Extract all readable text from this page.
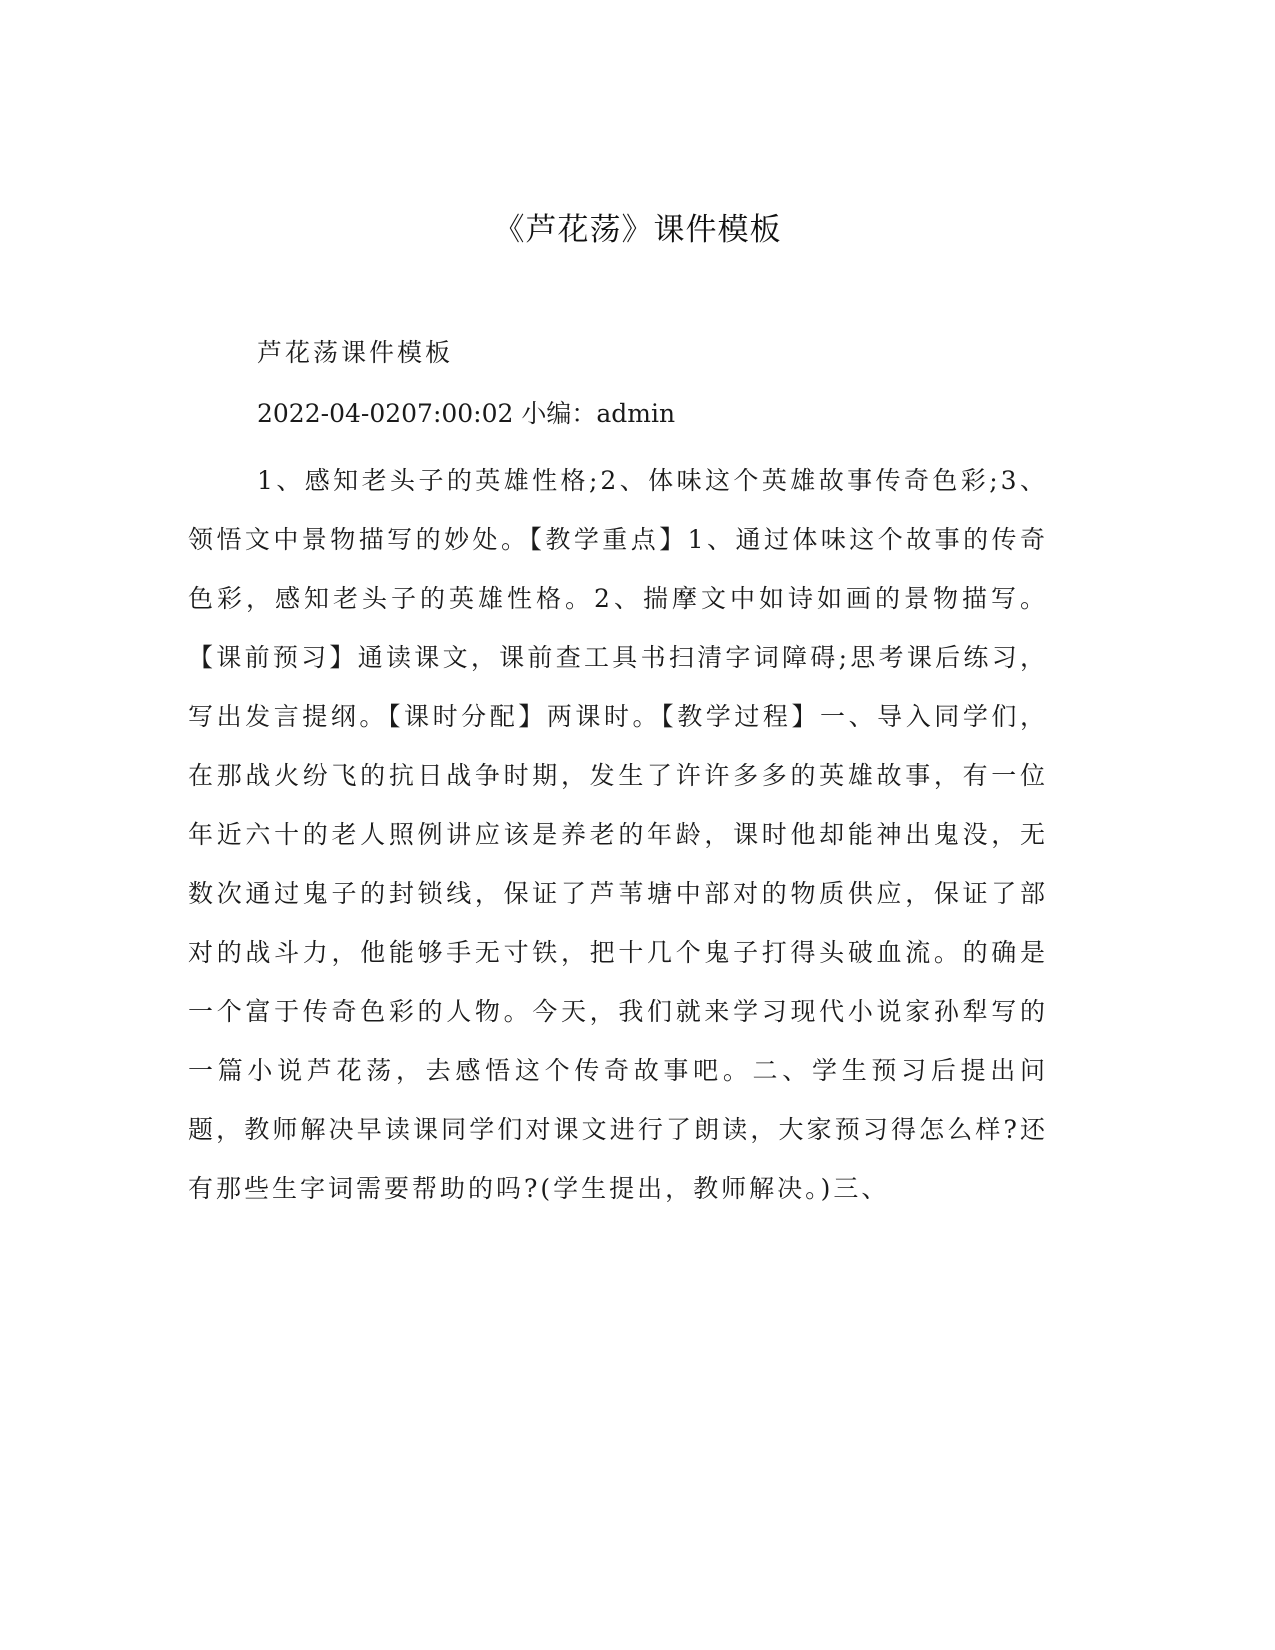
《芦花荡》课件模板
芦花荡课件模板
2022-04-0207:00:02 小编：admin

1、感知老头子的英雄性格;2、体味这个英雄故事传奇色彩;3、领悟文中景物描写的妙处。【教学重点】1、通过体味这个故事的传奇色彩，感知老头子的英雄性格。2、揣摩文中如诗如画的景物描写。【课前预习】通读课文，课前查工具书扫清字词障碍;思考课后练习，写出发言提纲。【课时分配】两课时。【教学过程】一、导入同学们，在那战火纷飞的抗日战争时期，发生了许许多多的英雄故事，有一位年近六十的老人照例讲应该是养老的年龄，课时他却能神出鬼没，无数次通过鬼子的封锁线，保证了芦苇塘中部对的物质供应，保证了部对的战斗力，他能够手无寸铁，把十几个鬼子打得头破血流。的确是一个富于传奇色彩的人物。今天，我们就来学习现代小说家孙犁写的一篇小说芦花荡，去感悟这个传奇故事吧。二、学生预习后提出问题，教师解决早读课同学们对课文进行了朗读，大家预习得怎么样?还有那些生字词需要帮助的吗?(学生提出，教师解决。)三、
